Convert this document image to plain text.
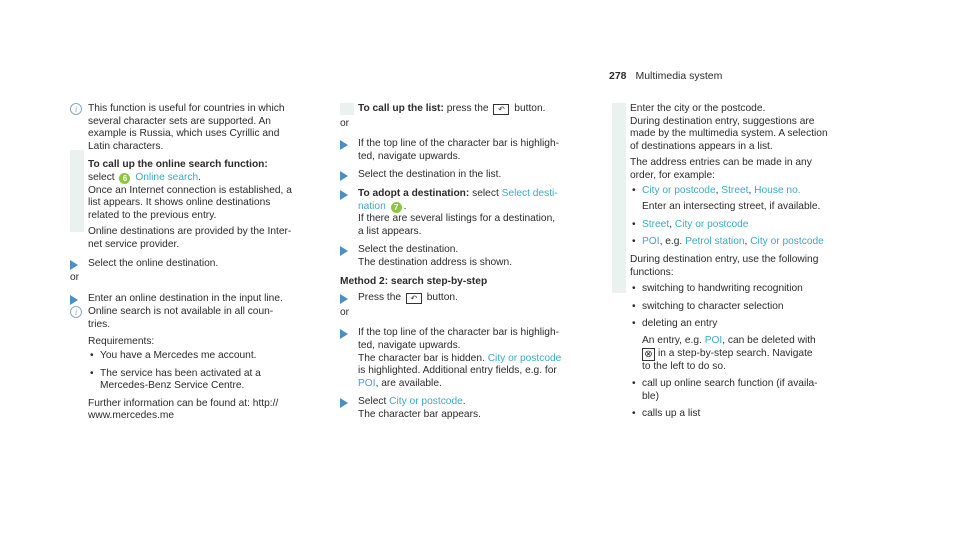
278 Multimedia system
i	This function is useful for countries in which
several character sets are supported. An
example is Russia, which uses Cyrillic and
Latin characters.
To call up the online search function:
select 6 Online search.
Once an Internet connection is established, a
list appears. It shows online destinations
related to the previous entry.
Online destinations are provided by the Inter-
net service provider.
Select the online destination.
or
Enter an online destination in the input line.
i	Online search is not available in all coun-
tries.
Requirements:
• You have a Mercedes me account.
• The service has been activated at a
Mercedes-Benz Service Centre.
Further information can be found at: http://
www.mercedes.me
To call up the list: press the ↶ button.
or
If the top line of the character bar is highligh-
ted, navigate upwards.
Select the destination in the list.
To adopt a destination: select Select desti-
nation 7 .
If there are several listings for a destination,
a list appears.
Select the destination.
The destination address is shown.
Method 2: search step-by-step
Press the ↶ button.
or
If the top line of the character bar is highligh-
ted, navigate upwards.
The character bar is hidden. City or postcode
is highlighted. Additional entry fields, e.g. for
POI, are available.
Select City or postcode.
The character bar appears.
Enter the city or the postcode.
During destination entry, suggestions are
made by the multimedia system. A selection
of destinations appears in a list.
The address entries can be made in any
order, for example:
• City or postcode, Street, House no.
Enter an intersecting street, if available.
• Street, City or postcode
• POI, e.g. Petrol station, City or postcode
During destination entry, use the following
functions:
• switching to handwriting recognition
• switching to character selection
• deleting an entry
An entry, e.g. POI, can be deleted with
⊗ in a step-by-step search. Navigate
to the left to do so.
• call up online search function (if availa-
ble)
• calls up a list
